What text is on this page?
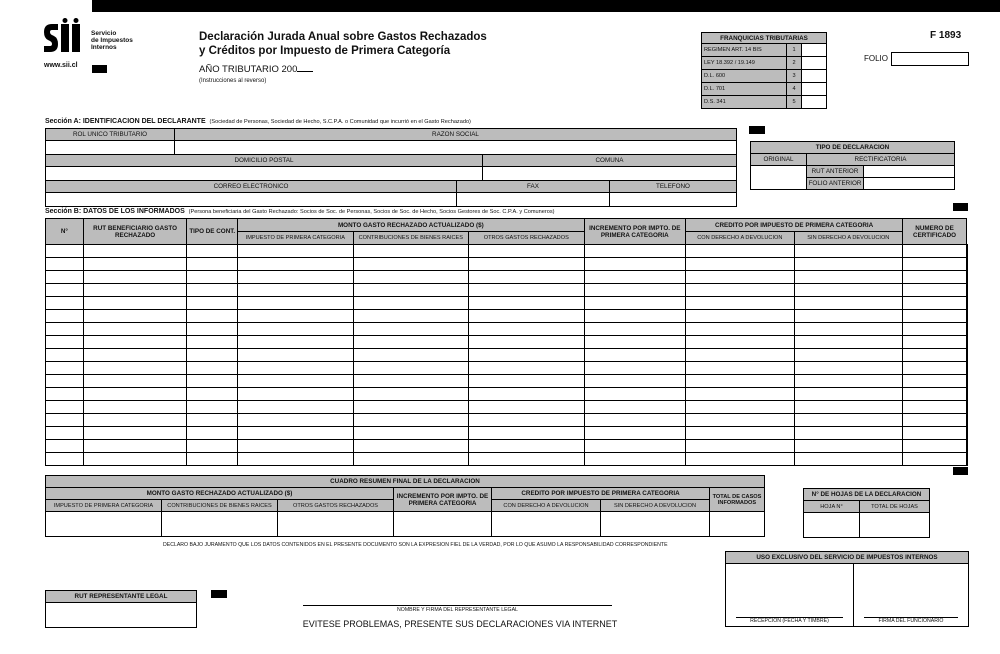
Servicio
de Impuestos
Internos
www.sii.cl
Declaración Jurada Anual sobre Gastos Rechazados
y Créditos por Impuesto de Primera Categoría
AÑO TRIBUTARIO 200
(Instrucciones al reverso)
FRANQUICIAS TRIBUTARIAS		
REGIMEN ART. 14 BIS	1	
LEY 18.392 / 19.149	2	
D.L. 600	3	
D.L. 701	4	
D.S. 341	5	
F 1893
FOLIO
Sección A: IDENTIFICACION DEL DECLARANTE (Sociedad de Personas, Sociedad de Hecho, S.C.P.A. o Comunidad que incurrió en el Gasto Rechazado)
ROL UNICO TRIBUTARIO	RAZON SOCIAL

DOMICILIO POSTAL	COMUNA

CORREO ELECTRONICO	FAX	TELEFONO

TIPO DE DECLARACION		
ORIGINAL	RECTIFICATORIA	
	RUT ANTERIOR	
	FOLIO ANTERIOR	
Sección B: DATOS DE LOS INFORMADOS (Persona beneficiaria del Gasto Rechazado: Socios de Soc. de Personas, Socios de Soc. de Hecho, Socios Gestores de Soc. C.P.A. y Comuneros)
N°	RUT BENEFICIARIO GASTO RECHAZADO	TIPO DE CONT.	MONTO GASTO RECHAZADO ACTUALIZADO ($)			INCREMENTO POR IMPTO. DE PRIMERA CATEGORIA	CREDITO POR IMPUESTO DE PRIMERA CATEGORIA		NUMERO DE CERTIFICADO	
			IMPUESTO DE PRIMERA CATEGORIA	CONTRIBUCIONES DE BIENES RAICES	OTROS GASTOS RECHAZADOS		CON DERECHO A DEVOLUCION	SIN DERECHO A DEVOLUCION		

CUADRO RESUMEN FINAL DE LA DECLARACION						
MONTO GASTO RECHAZADO ACTUALIZADO ($)			INCREMENTO POR IMPTO. DE PRIMERA CATEGORIA	CREDITO POR IMPUESTO DE PRIMERA CATEGORIA		TOTAL DE CASOS INFORMADOS
IMPUESTO DE PRIMERA CATEGORIA	CONTRIBUCIONES DE BIENES RAICES	OTROS GASTOS RECHAZADOS		CON DERECHO A DEVOLUCION	SIN DERECHO A DEVOLUCION	

N° DE HOJAS DE LA DECLARACION	
HOJA N°	TOTAL DE HOJAS

DECLARO BAJO JURAMENTO QUE LOS DATOS CONTENIDOS EN EL PRESENTE DOCUMENTO SON LA EXPRESION FIEL DE LA VERDAD, POR LO QUE ASUMO LA RESPONSABILIDAD CORRESPONDIENTE
RUT REPRESENTANTE LEGAL

NOMBRE Y FIRMA DEL REPRESENTANTE LEGAL
EVITESE PROBLEMAS, PRESENTE SUS DECLARACIONES VIA INTERNET
USO EXCLUSIVO DEL SERVICIO DE IMPUESTOS INTERNOS

RECEPCION (FECHA Y TIMBRE)	FIRMA DEL FUNCIONARIO
